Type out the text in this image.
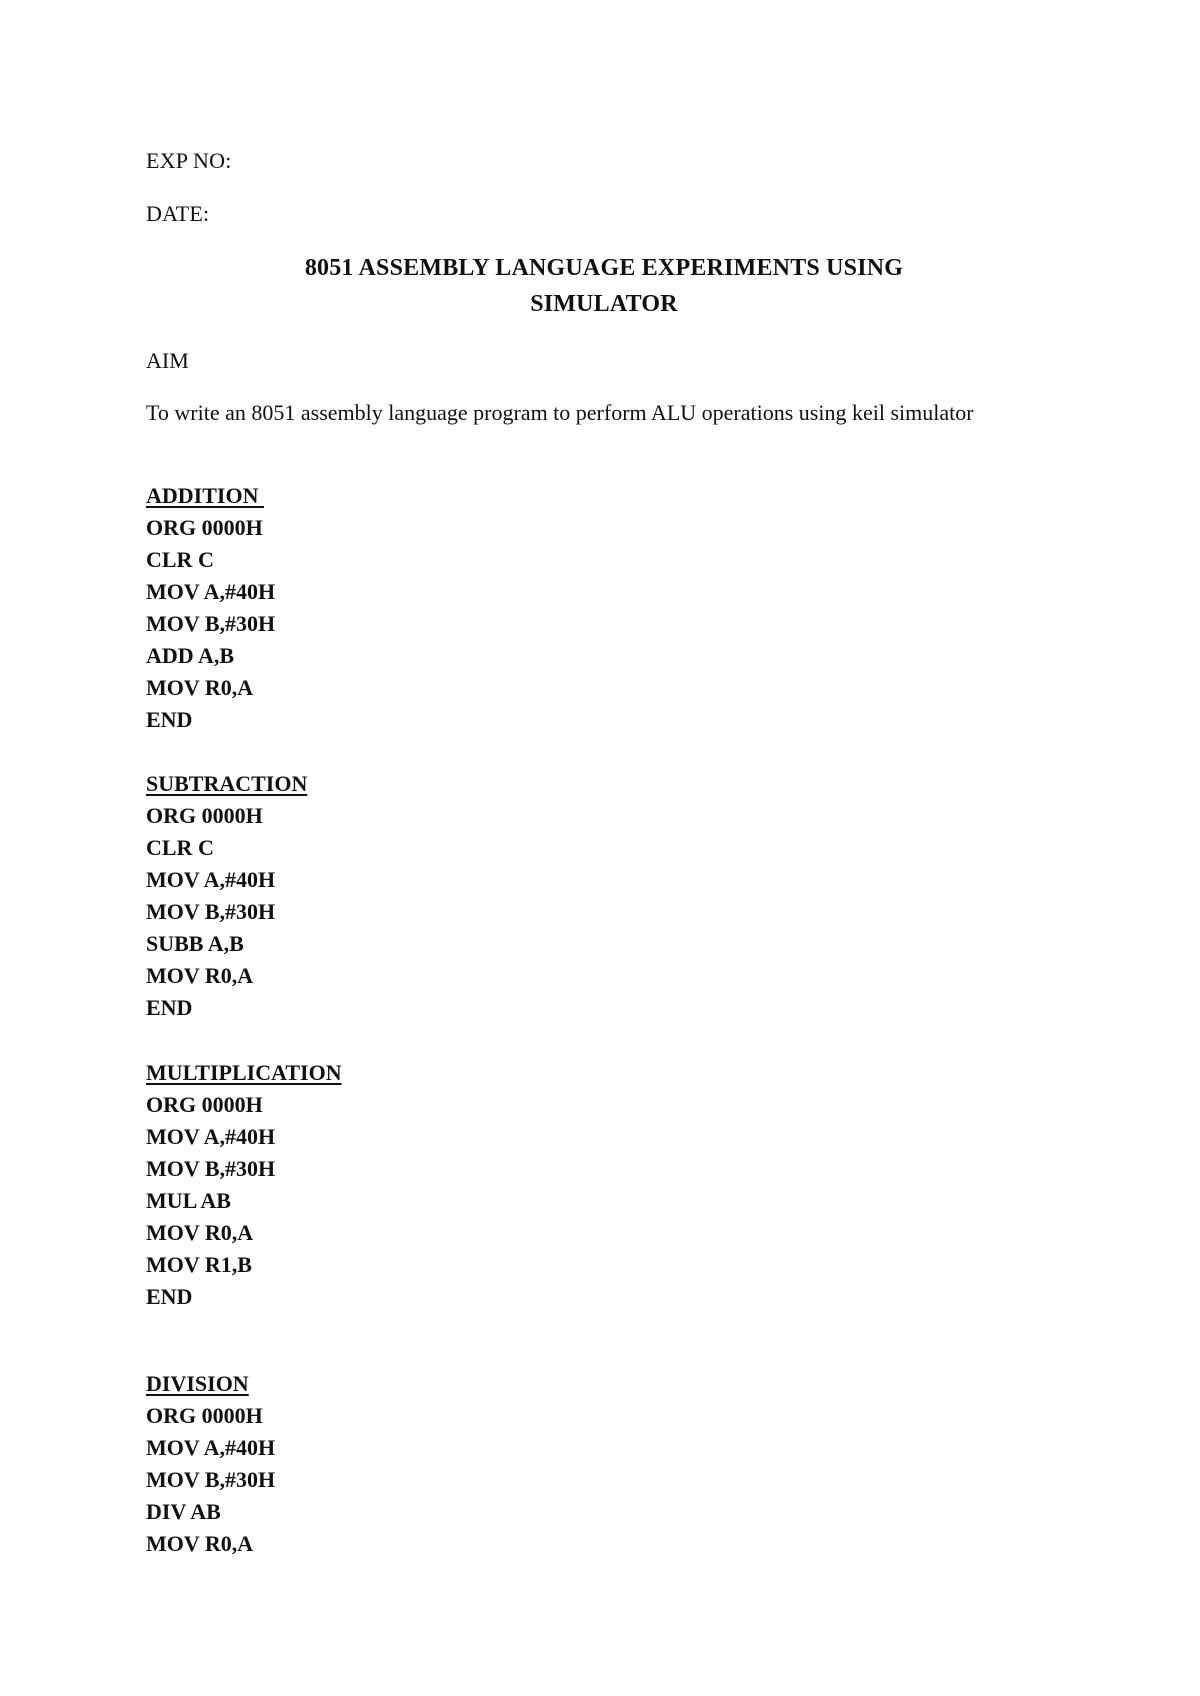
EXP NO:
DATE:
8051 ASSEMBLY LANGUAGE EXPERIMENTS USING
SIMULATOR
AIM
To write an 8051 assembly language program to perform ALU operations using keil simulator
ADDITION
ORG 0000H
CLR C
MOV A,#40H
MOV B,#30H
ADD A,B
MOV R0,A
END
SUBTRACTION
ORG 0000H
CLR C
MOV A,#40H
MOV B,#30H
SUBB A,B
MOV R0,A
END
MULTIPLICATION
ORG 0000H
MOV A,#40H
MOV B,#30H
MUL AB
MOV R0,A
MOV R1,B
END
DIVISION
ORG 0000H
MOV A,#40H
MOV B,#30H
DIV AB
MOV R0,A
